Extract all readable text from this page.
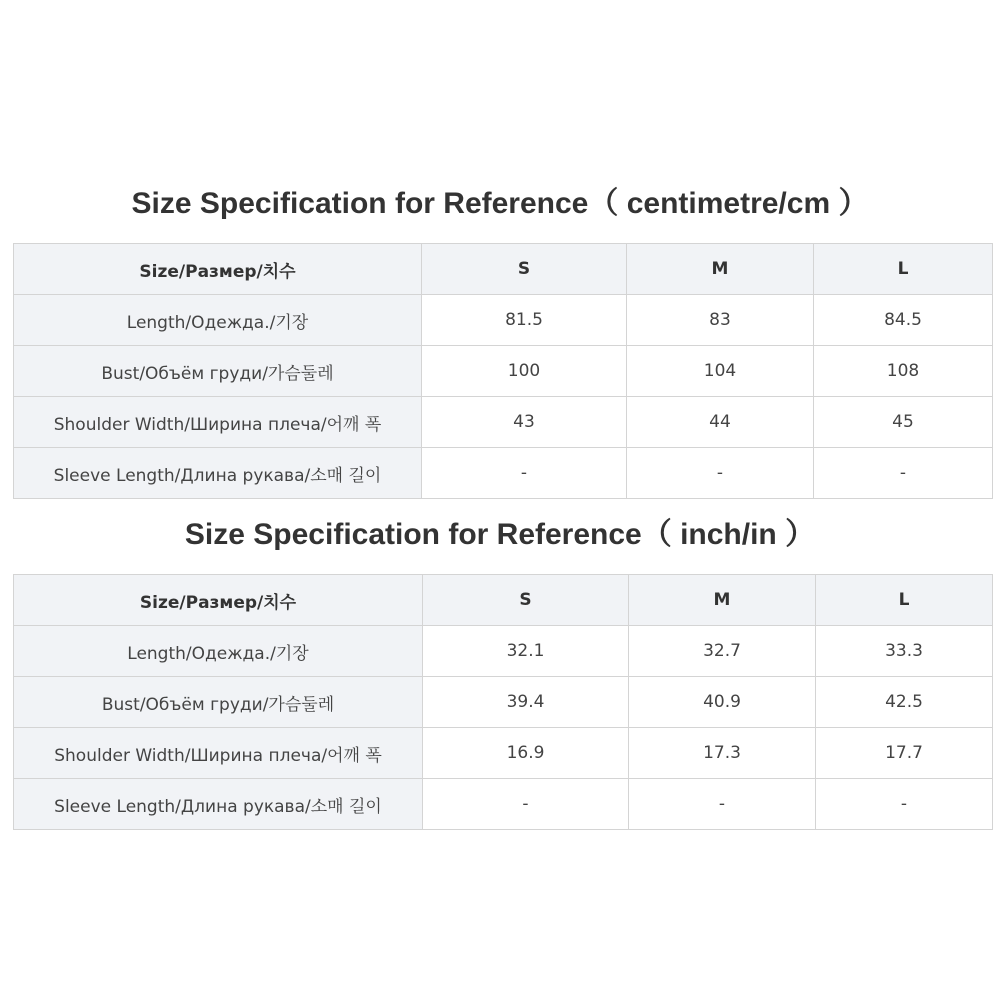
Size Specification for Reference（ centimetre/cm ）
Size/Размер/치수	S	M	L
Length/Одежда./기장	81.5	83	84.5
Bust/Объём груди/가슴둘레	100	104	108
Shoulder Width/Ширина плеча/어깨 폭	43	44	45
Sleeve Length/Длина рукава/소매 길이	-	-	-
Size Specification for Reference（ inch/in ）
Size/Размер/치수	S	M	L
Length/Одежда./기장	32.1	32.7	33.3
Bust/Объём груди/가슴둘레	39.4	40.9	42.5
Shoulder Width/Ширина плеча/어깨 폭	16.9	17.3	17.7
Sleeve Length/Длина рукава/소매 길이	-	-	-
